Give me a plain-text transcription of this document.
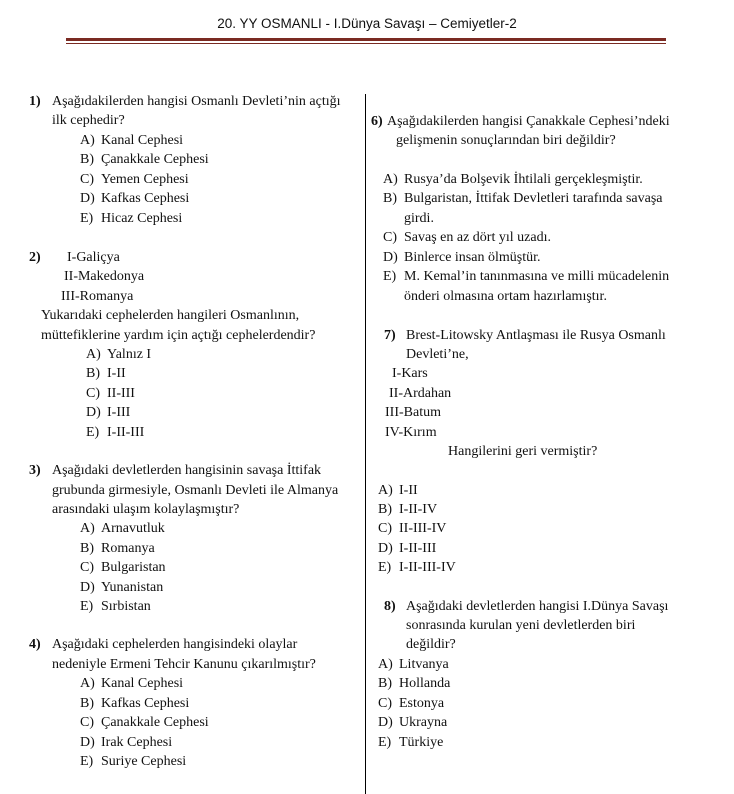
20. YY OSMANLI - I.Dünya Savaşı – Cemiyetler-2
1) Aşağıdakilerden hangisi Osmanlı Devleti’nin açtığı
ilk cephedir?
A) Kanal Cephesi
B) Çanakkale Cephesi
C) Yemen Cephesi
D) Kafkas Cephesi
E) Hicaz Cephesi
2) I-Galiçya
II-Makedonya
III-Romanya
Yukarıdaki cephelerden hangileri Osmanlının,
müttefiklerine yardım için açtığı cephelerdendir?
A) Yalnız I
B) I-II
C) II-III
D) I-III
E) I-II-III
3) Aşağıdaki devletlerden hangisinin savaşa İttifak
grubunda girmesiyle, Osmanlı Devleti ile Almanya
arasındaki ulaşım kolaylaşmıştır?
A) Arnavutluk
B) Romanya
C) Bulgaristan
D) Yunanistan
E) Sırbistan
4) Aşağıdaki cephelerden hangisindeki olaylar
nedeniyle Ermeni Tehcir Kanunu çıkarılmıştır?
A) Kanal Cephesi
B) Kafkas Cephesi
C) Çanakkale Cephesi
D) Irak Cephesi
E) Suriye Cephesi
6) Aşağıdakilerden hangisi Çanakkale Cephesi’ndeki
gelişmenin sonuçlarından biri değildir?
A) Rusya’da Bolşevik İhtilali gerçekleşmiştir.
B) Bulgaristan, İttifak Devletleri tarafında savaşa
girdi.
C) Savaş en az dört yıl uzadı.
D) Binlerce insan ölmüştür.
E) M. Kemal’in tanınmasına ve milli mücadelenin
önderi olmasına ortam hazırlamıştır.
7) Brest-Litowsky Antlaşması ile Rusya Osmanlı
Devleti’ne,
I-Kars
II-Ardahan
III-Batum
IV-Kırım
Hangilerini geri vermiştir?
A) I-II
B) I-II-IV
C) II-III-IV
D) I-II-III
E) I-II-III-IV
8) Aşağıdaki devletlerden hangisi I.Dünya Savaşı
sonrasında kurulan yeni devletlerden biri
değildir?
A) Litvanya
B) Hollanda
C) Estonya
D) Ukrayna
E) Türkiye
